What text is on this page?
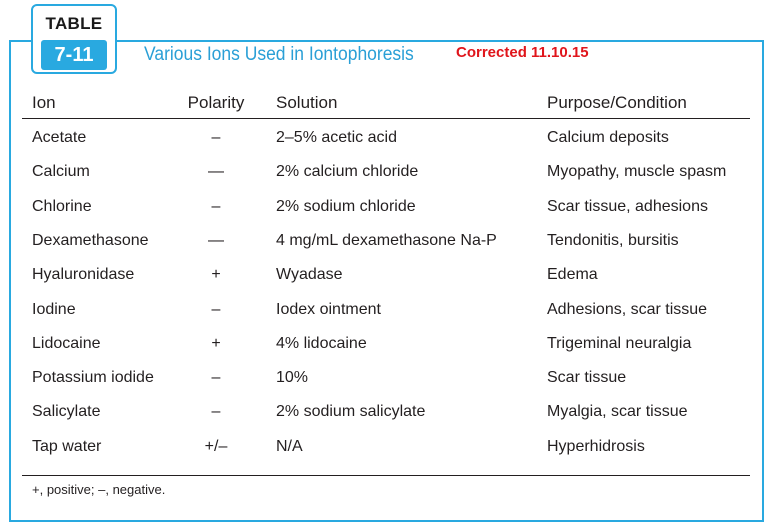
TABLE
7-11	Various Ions Used in Iontophoresis	Corrected 11.10.15
Ion	Polarity	Solution	Purpose/Condition
Acetate	–	2–5% acetic acid	Calcium deposits
Calcium	—	2% calcium chloride	Myopathy, muscle spasm
Chlorine	–	2% sodium chloride	Scar tissue, adhesions
Dexamethasone	—	4 mg/mL dexamethasone Na-P	Tendonitis, bursitis
Hyaluronidase	+	Wyadase	Edema
Iodine	–	Iodex ointment	Adhesions, scar tissue
Lidocaine	+	4% lidocaine	Trigeminal neuralgia
Potassium iodide	–	10%	Scar tissue
Salicylate	–	2% sodium salicylate	Myalgia, scar tissue
Tap water	+/–	N/A	Hyperhidrosis
+, positive; –, negative.
